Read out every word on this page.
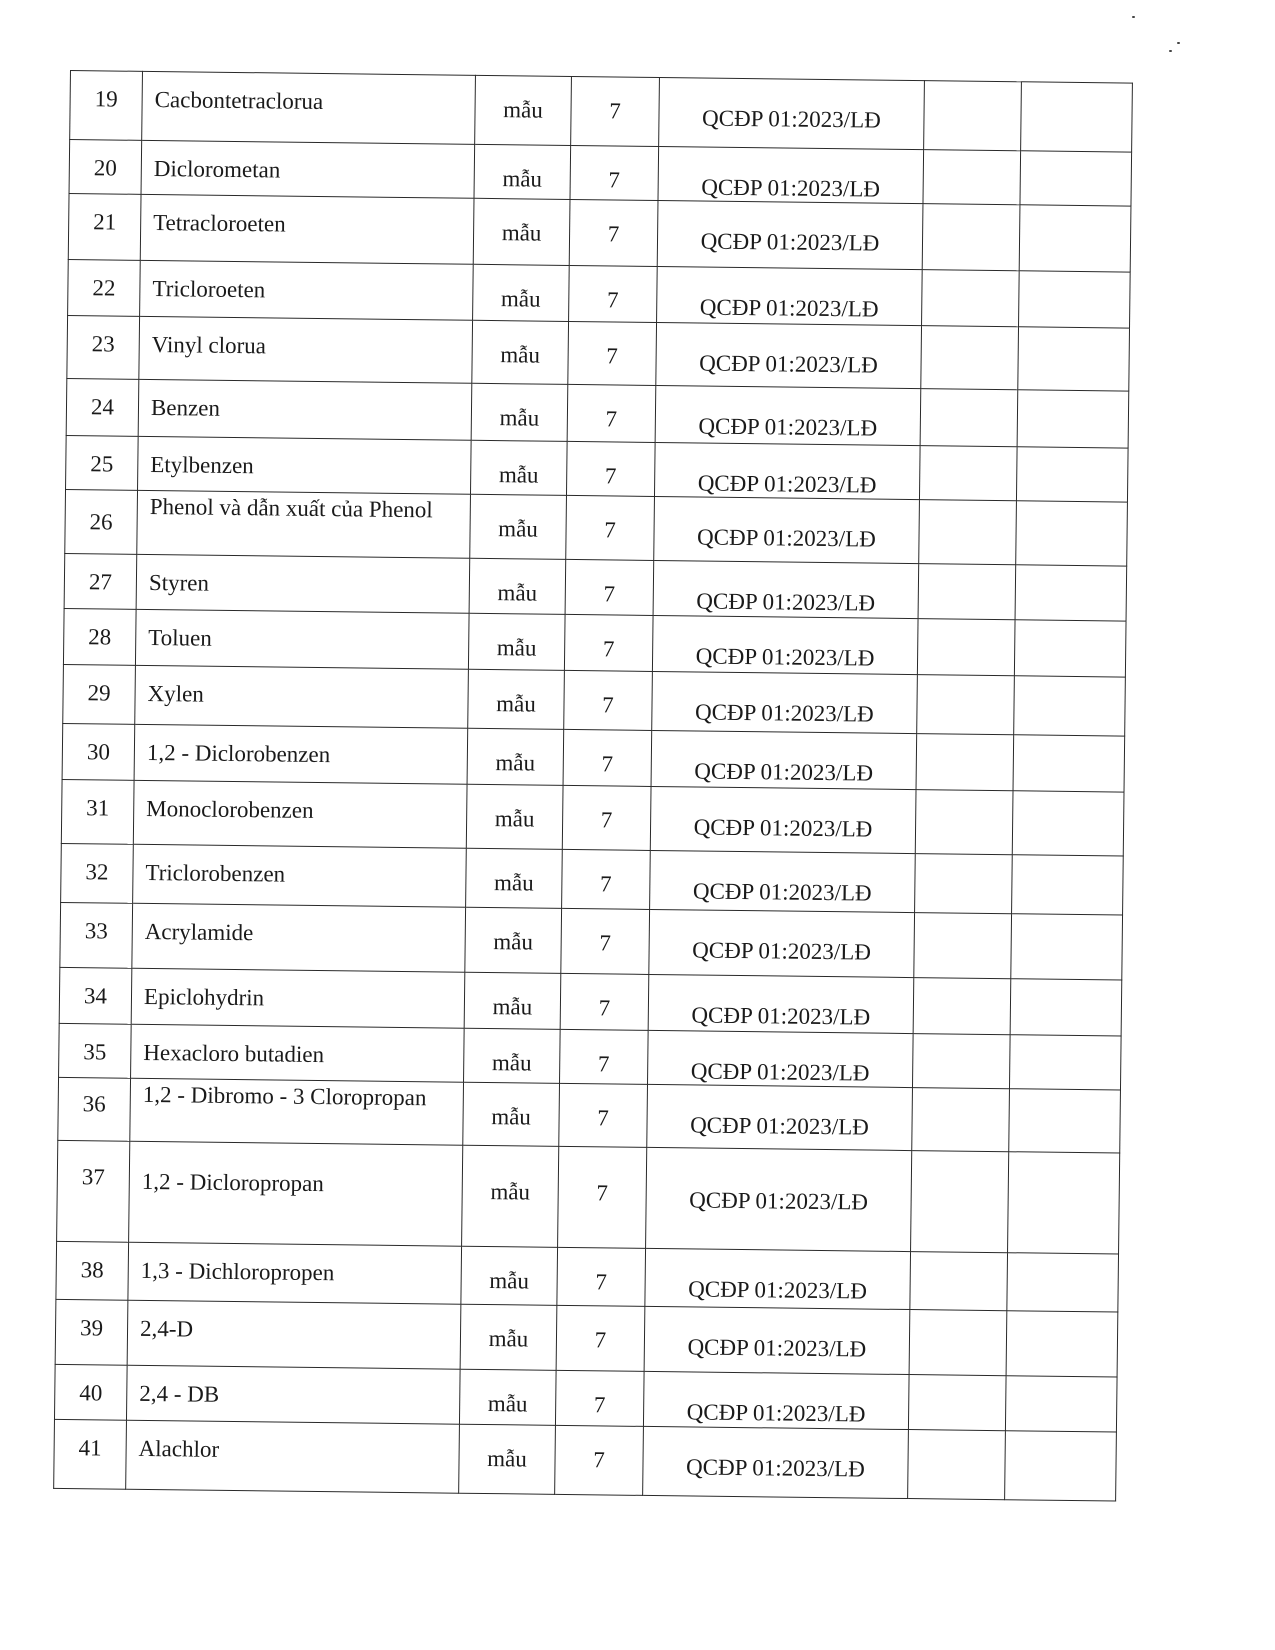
19	Cacbontetraclorua	mẫu	7	QCĐP 01:2023/LĐ		
20	Diclorometan	mẫu	7	QCĐP 01:2023/LĐ		
21	Tetracloroeten	mẫu	7	QCĐP 01:2023/LĐ		
22	Tricloroeten	mẫu	7	QCĐP 01:2023/LĐ		
23	Vinyl clorua	mẫu	7	QCĐP 01:2023/LĐ		
24	Benzen	mẫu	7	QCĐP 01:2023/LĐ		
25	Etylbenzen	mẫu	7	QCĐP 01:2023/LĐ		
26	Phenol và dẫn xuất của Phenol	mẫu	7	QCĐP 01:2023/LĐ		
27	Styren	mẫu	7	QCĐP 01:2023/LĐ		
28	Toluen	mẫu	7	QCĐP 01:2023/LĐ		
29	Xylen	mẫu	7	QCĐP 01:2023/LĐ		
30	1,2 - Diclorobenzen	mẫu	7	QCĐP 01:2023/LĐ		
31	Monoclorobenzen	mẫu	7	QCĐP 01:2023/LĐ		
32	Triclorobenzen	mẫu	7	QCĐP 01:2023/LĐ		
33	Acrylamide	mẫu	7	QCĐP 01:2023/LĐ		
34	Epiclohydrin	mẫu	7	QCĐP 01:2023/LĐ		
35	Hexacloro butadien	mẫu	7	QCĐP 01:2023/LĐ		
36	1,2 - Dibromo - 3 Cloropropan	mẫu	7	QCĐP 01:2023/LĐ		
37	1,2 - Dicloropropan	mẫu	7	QCĐP 01:2023/LĐ		
38	1,3 - Dichloropropen	mẫu	7	QCĐP 01:2023/LĐ		
39	2,4-D	mẫu	7	QCĐP 01:2023/LĐ		
40	2,4 - DB	mẫu	7	QCĐP 01:2023/LĐ		
41	Alachlor	mẫu	7	QCĐP 01:2023/LĐ		
